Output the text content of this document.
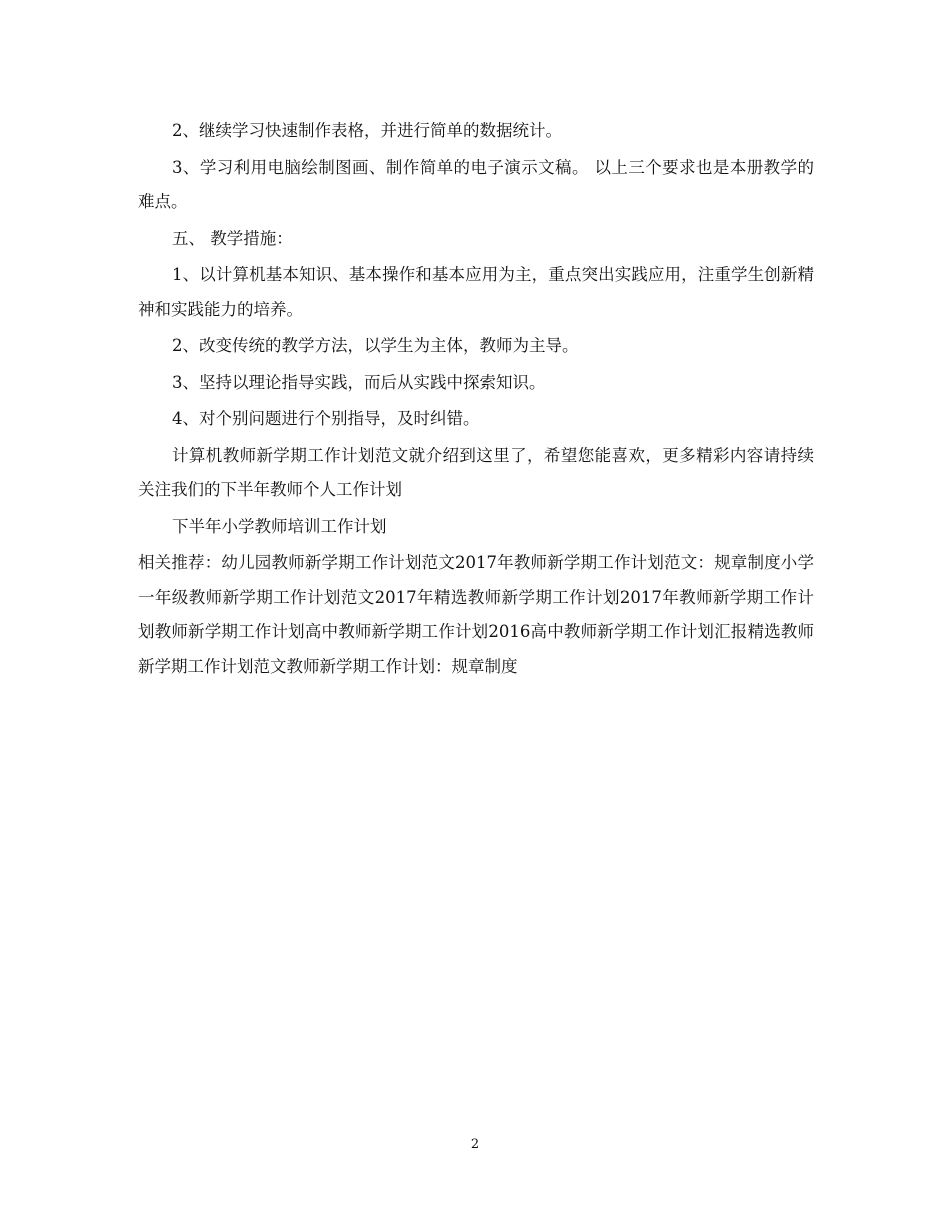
2、继续学习快速制作表格，并进行简单的数据统计。

3、学习利用电脑绘制图画、制作简单的电子演示文稿。 以上三个要求也是本册教学的难点。

五、 教学措施：

1、以计算机基本知识、基本操作和基本应用为主，重点突出实践应用，注重学生创新精神和实践能力的培养。

2、改变传统的教学方法，以学生为主体，教师为主导。

3、坚持以理论指导实践，而后从实践中探索知识。

4、对个别问题进行个别指导，及时纠错。

计算机教师新学期工作计划范文就介绍到这里了，希望您能喜欢，更多精彩内容请持续关注我们的下半年教师个人工作计划

下半年小学教师培训工作计划

相关推荐：幼儿园教师新学期工作计划范文2017年教师新学期工作计划范文：规章制度小学一年级教师新学期工作计划范文2017年精选教师新学期工作计划2017年教师新学期工作计划教师新学期工作计划高中教师新学期工作计划2016高中教师新学期工作计划汇报精选教师新学期工作计划范文教师新学期工作计划：规章制度

2
